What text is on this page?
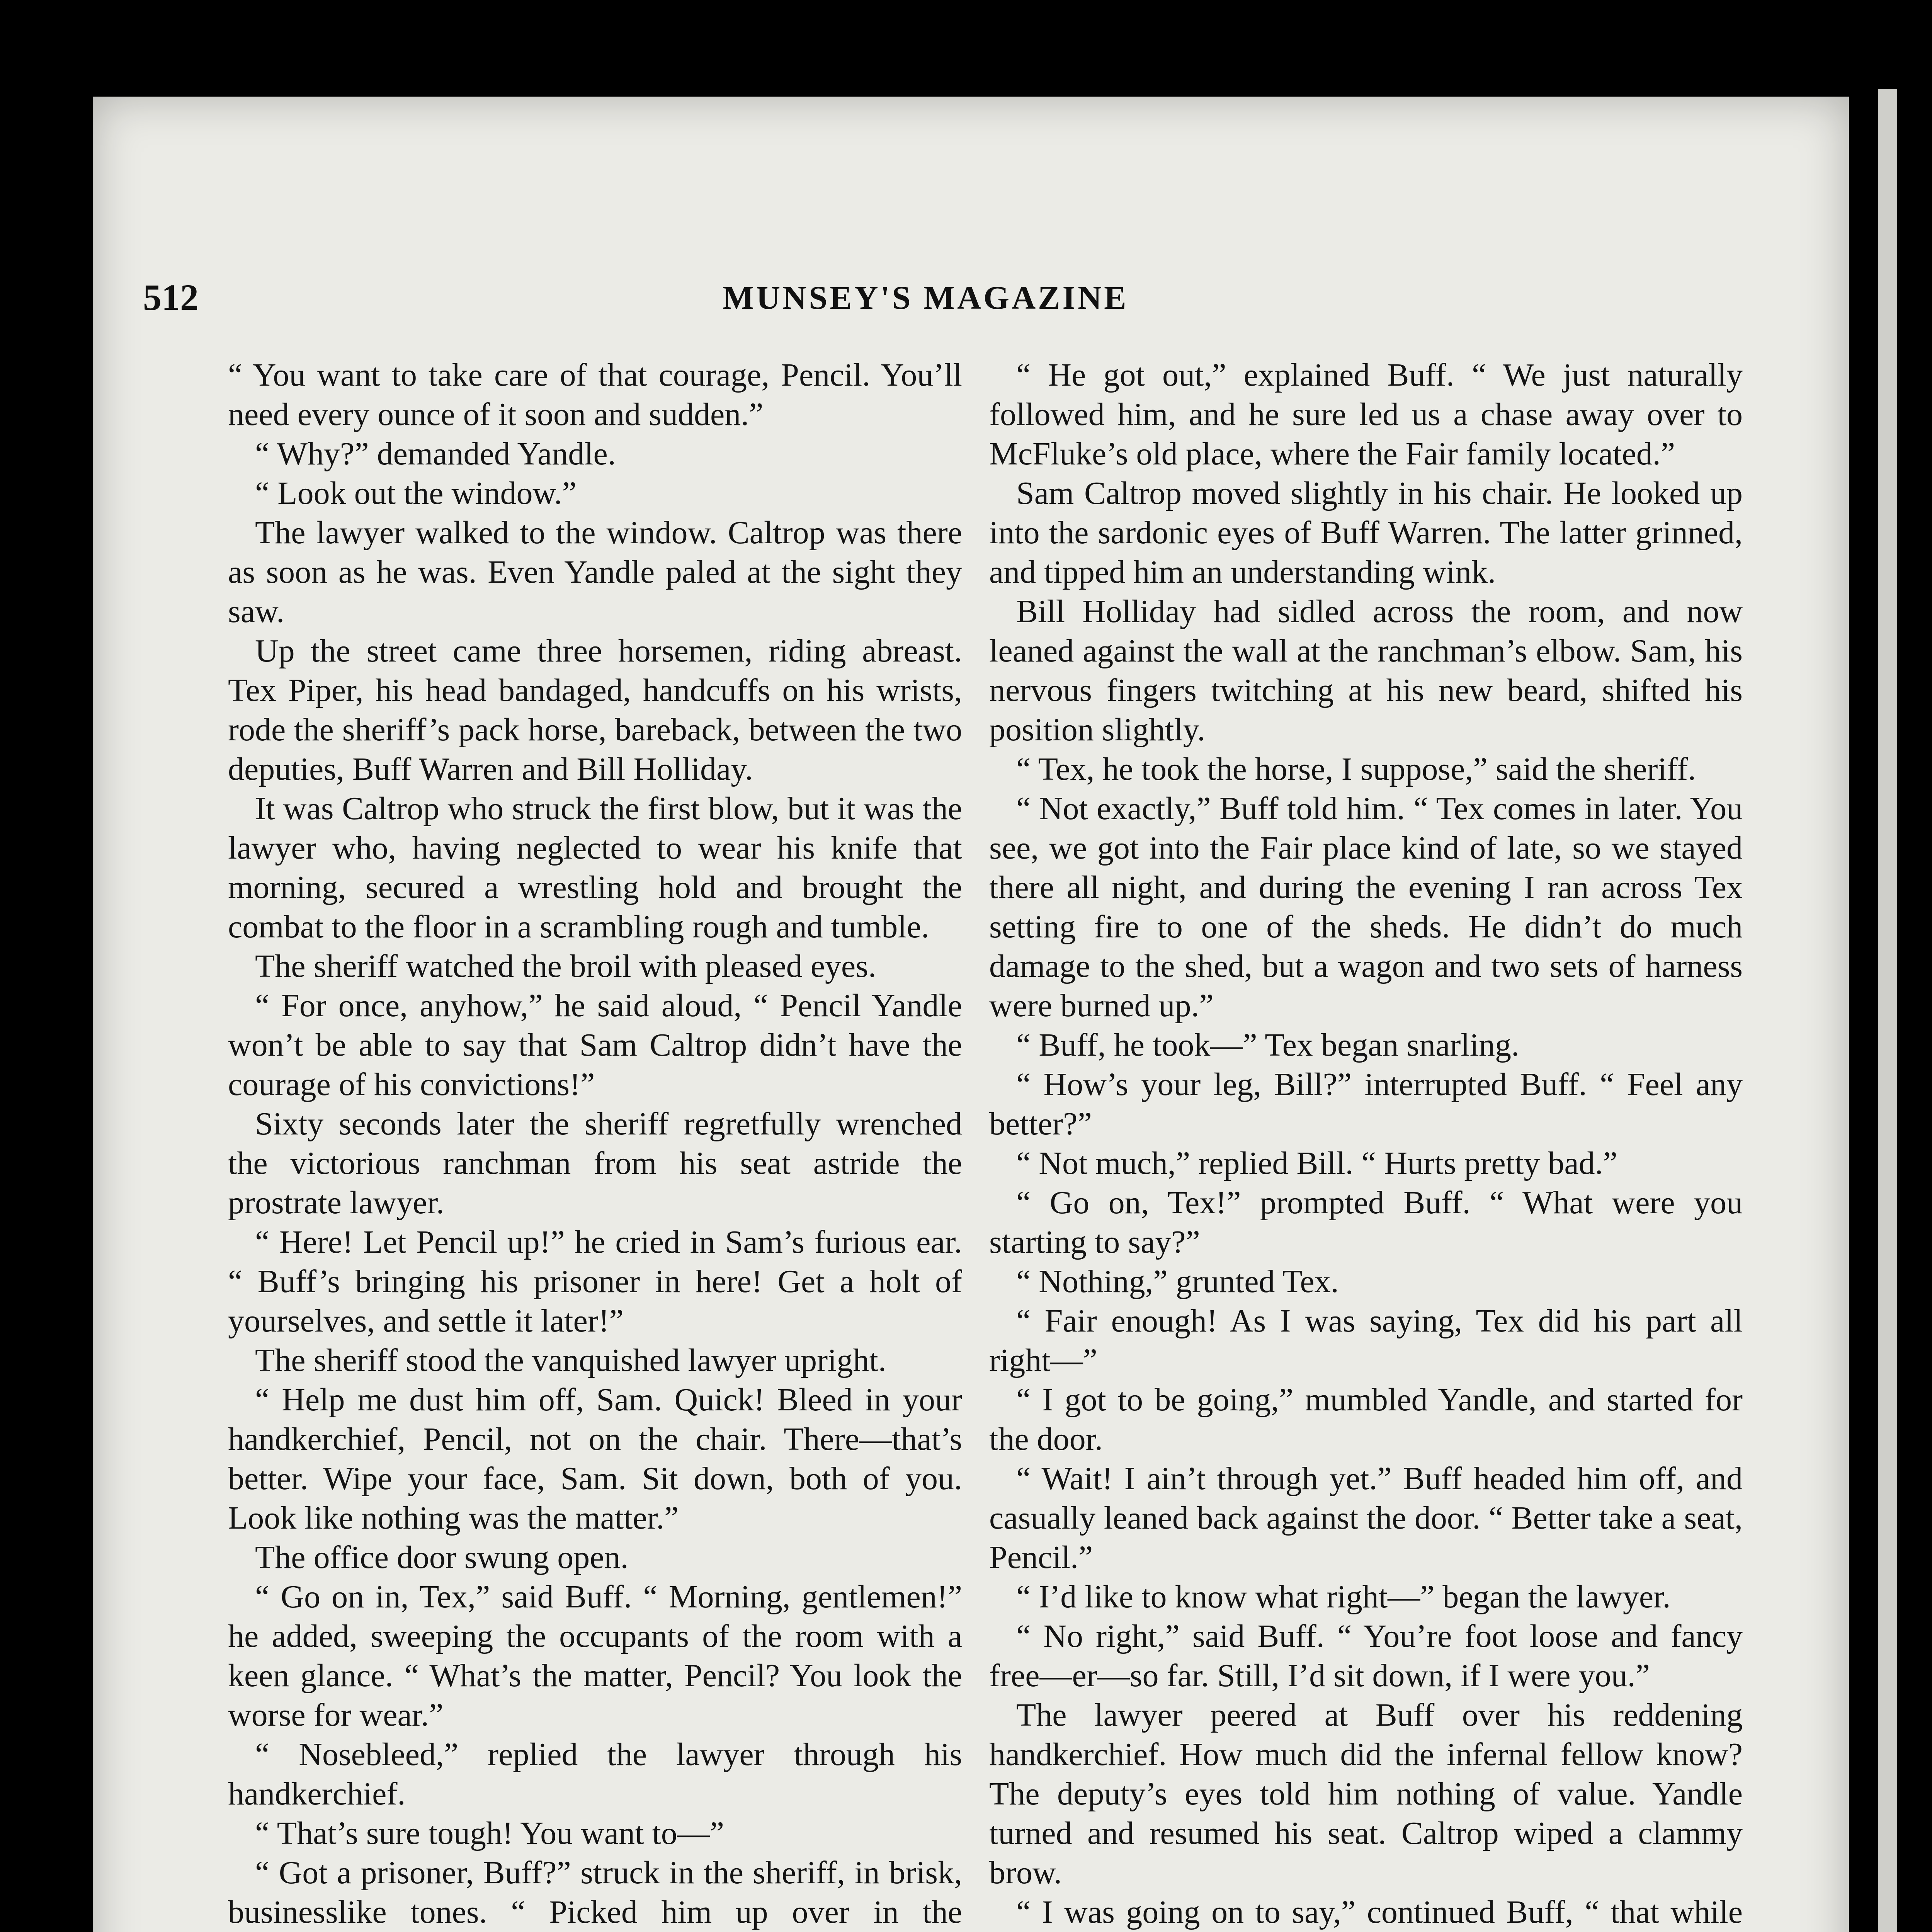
512	MUNSEY'S MAGAZINE

“ You want to take care of that courage, Pencil. You’ll need every ounce of it soon and sudden.”

“ Why?” demanded Yandle.

“ Look out the window.”

The lawyer walked to the window. Caltrop was there as soon as he was. Even Yandle paled at the sight they saw.

Up the street came three horsemen, riding abreast. Tex Piper, his head bandaged, handcuffs on his wrists, rode the sheriff’s pack horse, bareback, between the two deputies, Buff Warren and Bill Holliday.

It was Caltrop who struck the first blow, but it was the lawyer who, having neglected to wear his knife that morning, secured a wrestling hold and brought the combat to the floor in a scrambling rough and tumble.

The sheriff watched the broil with pleased eyes.

“ For once, anyhow,” he said aloud, “ Pencil Yandle won’t be able to say that Sam Caltrop didn’t have the courage of his convictions!”

Sixty seconds later the sheriff regretfully wrenched the victorious ranchman from his seat astride the prostrate lawyer.

“ Here! Let Pencil up!” he cried in Sam’s furious ear. “ Buff’s bringing his prisoner in here! Get a holt of yourselves, and settle it later!”

The sheriff stood the vanquished lawyer upright.

“ Help me dust him off, Sam. Quick! Bleed in your handkerchief, Pencil, not on the chair. There—that’s better. Wipe your face, Sam. Sit down, both of you. Look like nothing was the matter.”

The office door swung open.

“ Go on in, Tex,” said Buff. “ Morning, gentlemen!” he added, sweeping the occupants of the room with a keen glance. “ What’s the matter, Pencil? You look the worse for wear.”

“ Nosebleed,” replied the lawyer through his handkerchief.

“ That’s sure tough! You want to—”

“ Got a prisoner, Buff?” struck in the sheriff, in brisk, businesslike tones. “ Picked him up over in the

“ He got out,” explained Buff. “ We just naturally followed him, and he sure led us a chase away over to McFluke’s old place, where the Fair family located.”

Sam Caltrop moved slightly in his chair. He looked up into the sardonic eyes of Buff Warren. The latter grinned, and tipped him an understanding wink.

Bill Holliday had sidled across the room, and now leaned against the wall at the ranchman’s elbow. Sam, his nervous fingers twitching at his new beard, shifted his position slightly.

“ Tex, he took the horse, I suppose,” said the sheriff.

“ Not exactly,” Buff told him. “ Tex comes in later. You see, we got into the Fair place kind of late, so we stayed there all night, and during the evening I ran across Tex setting fire to one of the sheds. He didn’t do much damage to the shed, but a wagon and two sets of harness were burned up.”

“ Buff, he took—” Tex began snarling.

“ How’s your leg, Bill?” interrupted Buff. “ Feel any better?”

“ Not much,” replied Bill. “ Hurts pretty bad.”

“ Go on, Tex!” prompted Buff. “ What were you starting to say?”

“ Nothing,” grunted Tex.

“ Fair enough! As I was saying, Tex did his part all right—”

“ I got to be going,” mumbled Yandle, and started for the door.

“ Wait! I ain’t through yet.” Buff headed him off, and casually leaned back against the door. “ Better take a seat, Pencil.”

“ I’d like to know what right—” began the lawyer.

“ No right,” said Buff. “ You’re foot loose and fancy free—er—so far. Still, I’d sit down, if I were you.”

The lawyer peered at Buff over his reddening handkerchief. How much did the infernal fellow know? The deputy’s eyes told him nothing of value. Yandle turned and resumed his seat. Caltrop wiped a clammy brow.

“ I was going on to say,” continued Buff, “ that while
